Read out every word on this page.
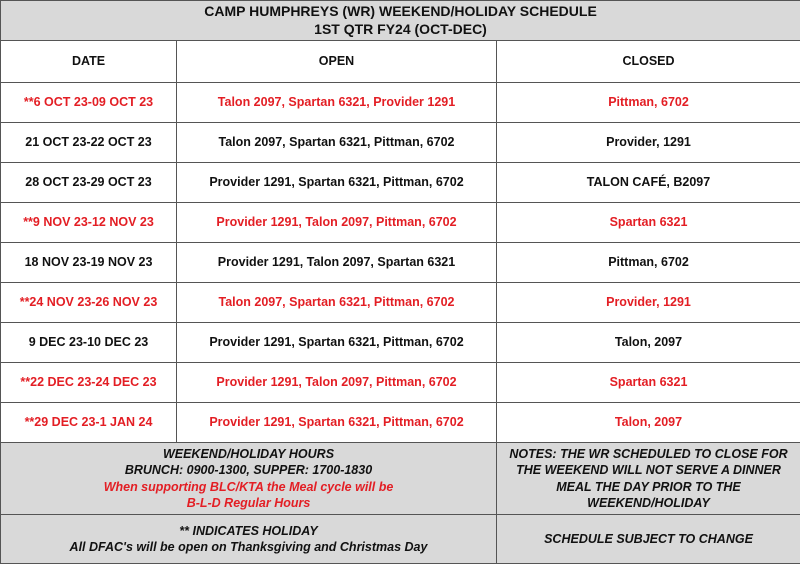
CAMP HUMPHREYS (WR) WEEKEND/HOLIDAY SCHEDULE
1ST QTR FY24 (OCT-DEC)		

DATE	OPEN	CLOSED
**6 OCT 23-09 OCT 23	Talon 2097, Spartan 6321, Provider 1291	Pittman, 6702
21 OCT 23-22 OCT 23	Talon 2097, Spartan 6321, Pittman, 6702	Provider, 1291
28 OCT 23-29 OCT 23	Provider 1291, Spartan 6321, Pittman, 6702	TALON CAFÉ, B2097
**9 NOV 23-12 NOV 23	Provider 1291, Talon 2097, Pittman, 6702	Spartan 6321
18 NOV 23-19 NOV 23	Provider 1291, Talon 2097, Spartan 6321	Pittman, 6702
**24 NOV 23-26 NOV 23	Talon 2097, Spartan 6321, Pittman, 6702	Provider, 1291
9 DEC 23-10 DEC 23	Provider 1291, Spartan 6321, Pittman, 6702	Talon, 2097
**22 DEC 23-24 DEC 23	Provider 1291, Talon 2097, Pittman, 6702	Spartan 6321
**29 DEC 23-1 JAN 24	Provider 1291, Spartan 6321, Pittman, 6702	Talon, 2097

WEEKEND/HOLIDAY HOURS
BRUNCH: 0900-1300, SUPPER: 1700-1830
When supporting BLC/KTA the Meal cycle will be
B-L-D Regular Hours		NOTES: THE WR SCHEDULED TO CLOSE FOR
THE WEEKEND WILL NOT SERVE A DINNER
MEAL THE DAY PRIOR TO THE
WEEKEND/HOLIDAY

** INDICATES HOLIDAY
All DFAC's will be open on Thanksgiving and Christmas Day		SCHEDULE SUBJECT TO CHANGE
